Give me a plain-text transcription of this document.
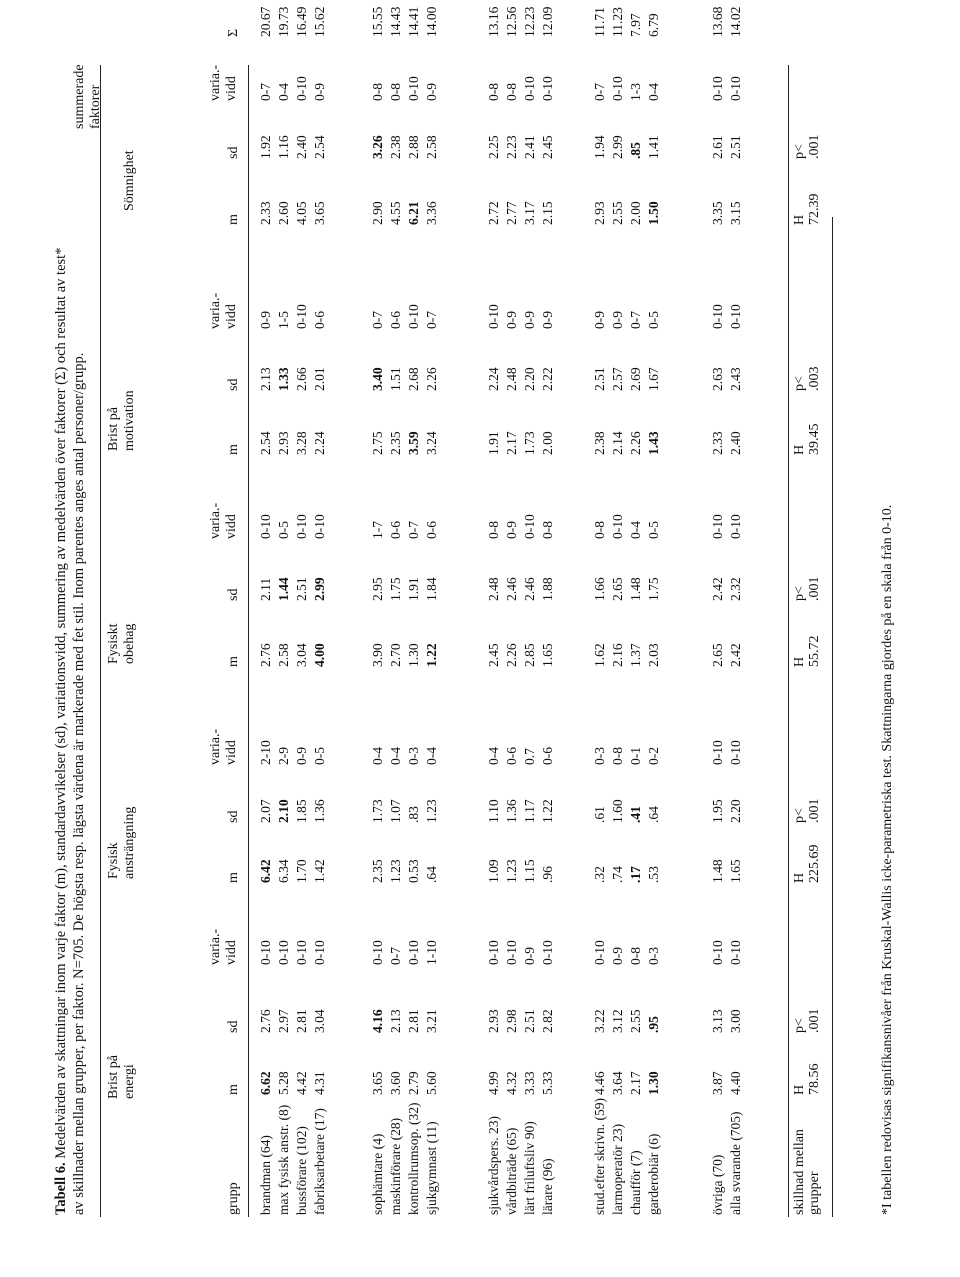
Tabell 6. Medelvärden av skattningar inom varje faktor (m), standardavvikelser (sd), variationsvidd, summering av medelvärden över faktorer (Σ) och resultat av test* av skillnader mellan grupper, per faktor. N=705. De högsta resp. lägsta värdena är markerade med fet stil. Inom parentes anges antal personer/grupp. Brist på energi
Fysisk ansträngning
Fysiskt obehag
Brist på motivation
Sömnighet
summerade faktorer
grupp
m
sd
varia.- vidd
m
sd
varia.- vidd
m
sd
varia.- vidd
m
sd
varia.- vidd
m
sd
varia.- vidd
Σ
brandman (64)
6.62
2.76
0-10
6.42
2.07
2-10
2.76
2.11
0-10
2.54
2.13
0-9
2.33
1.92
0-7
20.67
max fysisk anstr. (8)
5.28
2.97
0-10
6.34
2.10
2-9
2.58
1.44
0-5
2.93
1.33
1-5
2.60
1.16
0-4
19.73
bussförare (102)
4.42
2.81
0-10
1.70
1.85
0-9
3.04
2.51
0-10
3.28
2.66
0-10
4.05
2.40
0-10
16.49
fabriksarbetare (17)
4.31
3.04
0-10
1.42
1.36
0-5
4.00
2.99
0-10
2.24
2.01
0-6
3.65
2.54
0-9
15.62
sophämtare (4)
3.65
4.16
0-10
2.35
1.73
0-4
3.90
2.95
1-7
2.75
3.40
0-7
2.90
3.26
0-8
15.55
maskinförare (28)
3.60
2.13
0-7
1.23
1.07
0-4
2.70
1.75
0-6
2.35
1.51
0-6
4.55
2.38
0-8
14.43
kontrollrumsop. (32)
2.79
2.81
0-10
0.53
.83
0-3
1.30
1.91
0-7
3.59
2.68
0-10
6.21
2.88
0-10
14.41
sjukgymnast (11)
5.60
3.21
1-10
.64
1.23
0-4
1.22
1.84
0-6
3.24
2.26
0-7
3.36
2.58
0-9
14.00
sjukvårdspers. 23)
4.99
2.93
0-10
1.09
1.10
0-4
2.45
2.48
0-8
1.91
2.24
0-10
2.72
2.25
0-8
13.16
vårdbiträde (65)
4.32
2.98
0-10
1.23
1.36
0-6
2.26
2.46
0-9
2.17
2.48
0-9
2.77
2.23
0-8
12.56
lärt friluftsliv 90)
3.33
2.51
0-9
1.15
1.17
0.7
2.85
2.46
0-10
1.73
2.20
0-9
3.17
2.41
0-10
12.23
lärare (96)
5.33
2.82
0-10
.96
1.22
0-6
1.65
1.88
0-8
2.00
2.22
0-9
2.15
2.45
0-10
12.09
stud.efter skrivn. (59)
4.46
3.22
0-10
.32
.61
0-3
1.62
1.66
0-8
2.38
2.51
0-9
2.93
1.94
0-7
11.71
larmoperatör 23)
3.64
3.12
0-9
.74
1.60
0-8
2.16
2.65
0-10
2.14
2.57
0-9
2.55
2.99
0-10
11.23
chaufför (7)
2.17
2.55
0-8
.17
.41
0-1
1.37
1.48
0-4
2.26
2.69
0-7
2.00
.85
1-3
7.97
garderobiär (6)
1.30
.95
0-3
.53
.64
0-2
2.03
1.75
0-5
1.43
1.67
0-5
1.50
1.41
0-4
6.79
övriga (70)
3.87
3.13
0-10
1.48
1.95
0-10
2.65
2.42
0-10
2.33
2.63
0-10
3.35
2.61
0-10
13.68
alla svarande (705)
4.40
3.00
0-10
1.65
2.20
0-10
2.42
2.32
0-10
2.40
2.43
0-10
3.15
2.51
0-10
14.02
skillnad mellan grupper
H 78.56
p< .001
H 225.69
p< .001
H 55.72
p< .001
H 39.45
p< .003
H 72.39
p< .001
*I tabellen redovisas signifikansnivåer från Kruskal-Wallis icke-parametriska test. Skattningarna gjordes på en skala från 0-10.
